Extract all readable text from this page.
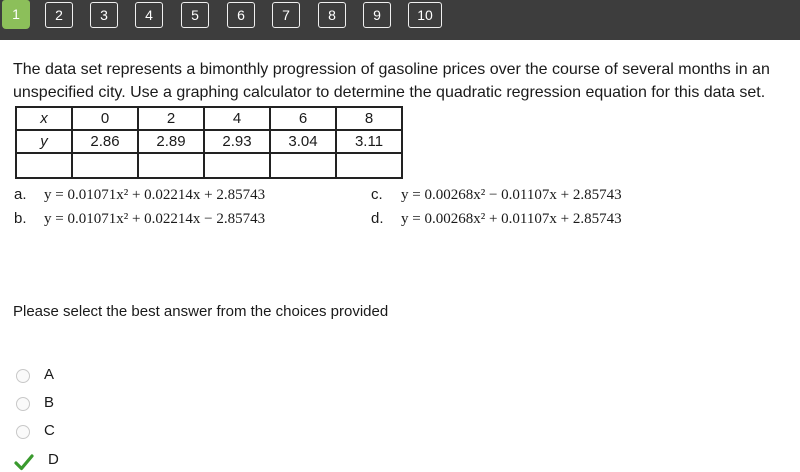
1	2	3	4	5	6	7	8	9	10

The data set represents a bimonthly progression of gasoline prices over the course of several months in an unspecified city. Use a graphing calculator to determine the quadratic regression equation for this data set.

x	0	2	4	6	8
y	2.86	2.89	2.93	3.04	3.11

a. y = 0.01071x² + 0.02214x + 2.85743
b. y = 0.01071x² + 0.02214x − 2.85743
c. y = 0.00268x² − 0.01107x + 2.85743
d. y = 0.00268x² + 0.01107x + 2.85743

Please select the best answer from the choices provided

A
B
C
D
